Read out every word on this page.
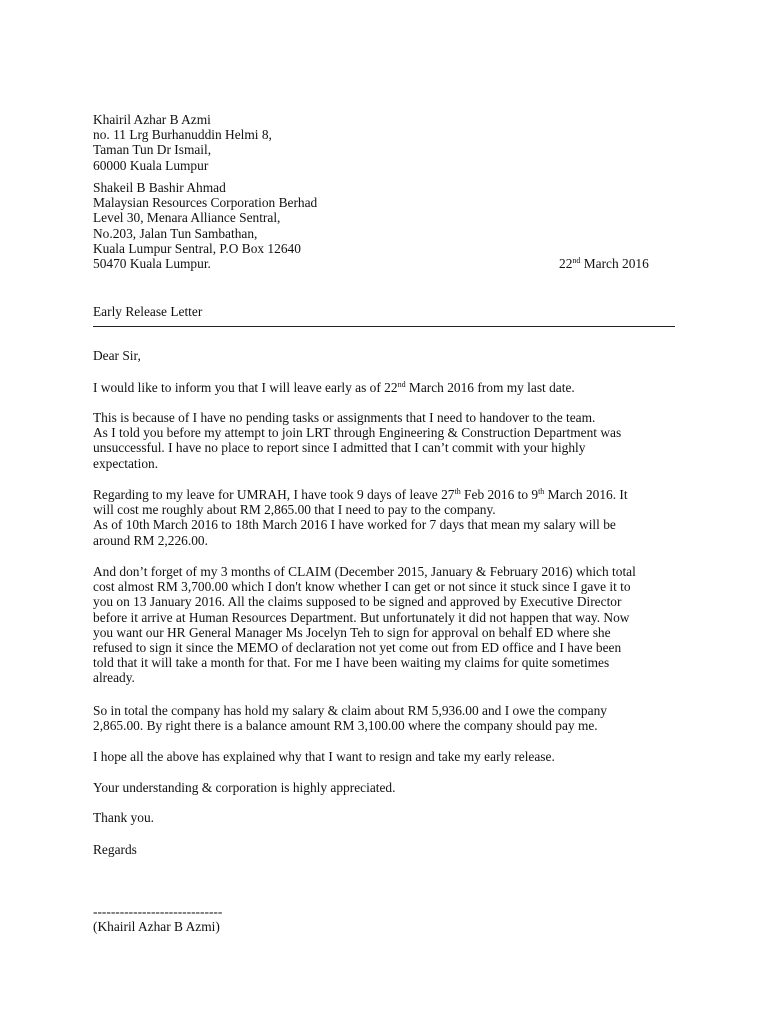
Khairil Azhar B Azmi
no. 11 Lrg Burhanuddin Helmi 8,
Taman Tun Dr Ismail,
60000 Kuala Lumpur
Shakeil B Bashir Ahmad
Malaysian Resources Corporation Berhad
Level 30, Menara Alliance Sentral,
No.203, Jalan Tun Sambathan,
Kuala Lumpur Sentral, P.O Box 12640
50470 Kuala Lumpur.	22nd March 2016
Early Release Letter
Dear Sir,
I would like to inform you that I will leave early as of 22nd March 2016 from my last date.
This is because of I have no pending tasks or assignments that I need to handover to the team.
As I told you before my attempt to join LRT through Engineering & Construction Department was
unsuccessful. I have no place to report since I admitted that I can’t commit with your highly
expectation.
Regarding to my leave for UMRAH, I have took 9 days of leave 27th Feb 2016 to 9th March 2016. It
will cost me roughly about RM 2,865.00 that I need to pay to the company.
As of 10th March 2016 to 18th March 2016 I have worked for 7 days that mean my salary will be
around RM 2,226.00.
And don’t forget of my 3 months of CLAIM (December 2015, January & February 2016) which total
cost almost RM 3,700.00 which I don't know whether I can get or not since it stuck since I gave it to
you on 13 January 2016. All the claims supposed to be signed and approved by Executive Director
before it arrive at Human Resources Department. But unfortunately it did not happen that way. Now
you want our HR General Manager Ms Jocelyn Teh to sign for approval on behalf ED where she
refused to sign it since the MEMO of declaration not yet come out from ED office and I have been
told that it will take a month for that. For me I have been waiting my claims for quite sometimes
already.
So in total the company has hold my salary & claim about RM 5,936.00 and I owe the company
2,865.00. By right there is a balance amount RM 3,100.00 where the company should pay me.
I hope all the above has explained why that I want to resign and take my early release.
Your understanding & corporation is highly appreciated.
Thank you.
Regards
-----------------------------
(Khairil Azhar B Azmi)
